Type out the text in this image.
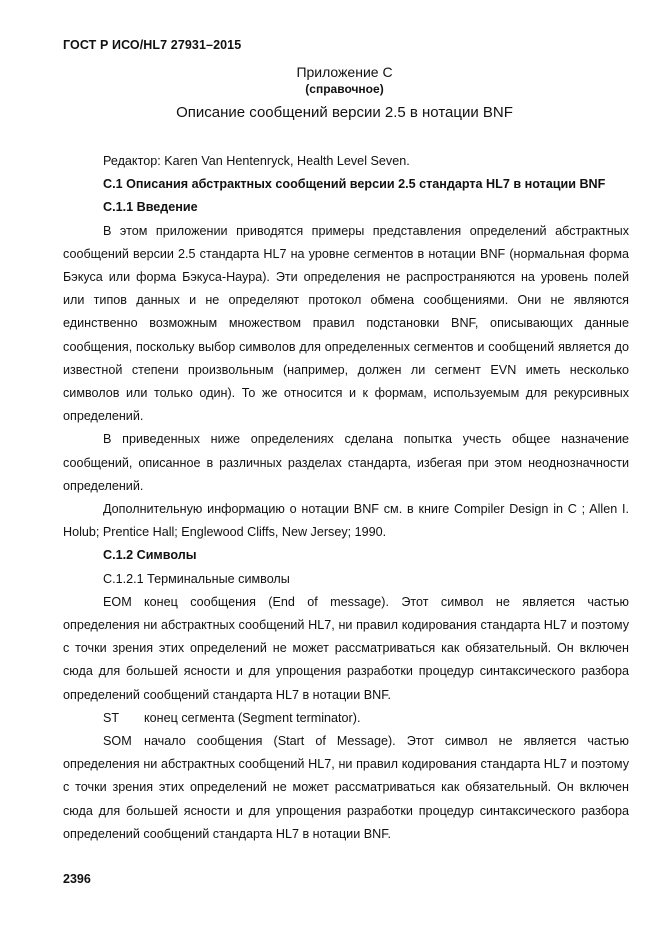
ГОСТ Р ИСО/HL7 27931–2015
Приложение С
(справочное)
Описание сообщений версии 2.5 в нотации BNF

Редактор: Karen Van Hentenryck, Health Level Seven.

С.1 Описания абстрактных сообщений версии 2.5 стандарта HL7 в нотации BNF

С.1.1 Введение

В этом приложении приводятся примеры представления определений абстрактных сообщений версии 2.5 стандарта HL7 на уровне сегментов в нотации BNF (нормальная форма Бэкуса или форма Бэкуса-Наура). Эти определения не распространяются на уровень полей или типов данных и не определяют протокол обмена сообщениями. Они не являются единственно возможным множеством правил подстановки BNF, описывающих данные сообщения, поскольку выбор символов для определенных сегментов и сообщений является до известной степени произвольным (например, должен ли сегмент EVN иметь несколько символов или только один). То же относится и к формам, используемым для рекурсивных определений.

В приведенных ниже определениях сделана попытка учесть общее назначение сообщений, описанное в различных разделах стандарта, избегая при этом неоднозначности определений.

Дополнительную информацию о нотации BNF см. в книге Compiler Design in C ; Allen I. Holub; Prentice Hall; Englewood Cliffs, New Jersey; 1990.

С.1.2 Символы

С.1.2.1 Терминальные символы

EOM конец сообщения (End of message). Этот символ не является частью определения ни абстрактных сообщений HL7, ни правил кодирования стандарта HL7 и поэтому с точки зрения этих определений не может рассматриваться как обязательный. Он включен сюда для большей ясности и для упрощения разработки процедур синтаксического разбора определений сообщений стандарта HL7 в нотации BNF.

ST конец сегмента (Segment terminator).

SOM начало сообщения (Start of Message). Этот символ не является частью определения ни абстрактных сообщений HL7, ни правил кодирования стандарта HL7 и поэтому с точки зрения этих определений не может рассматриваться как обязательный. Он включен сюда для большей ясности и для упрощения разработки процедур синтаксического разбора определений сообщений стандарта HL7 в нотации BNF.

2396
